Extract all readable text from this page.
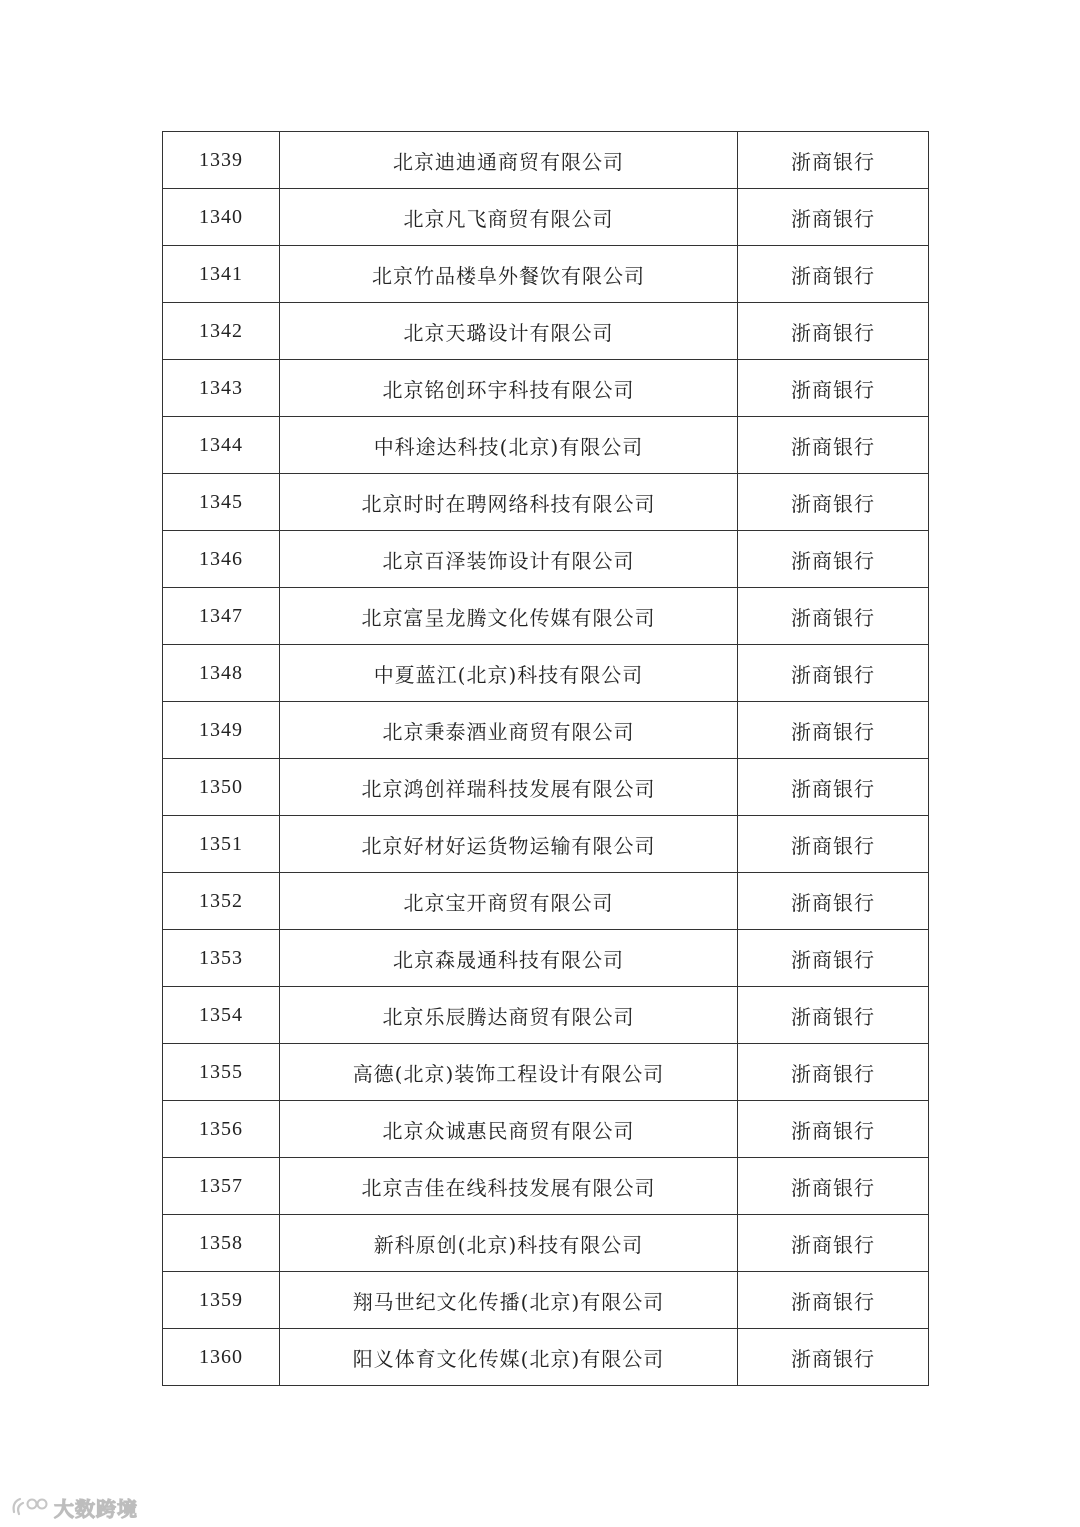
1339	北京迪迪通商贸有限公司	浙商银行
1340	北京凡飞商贸有限公司	浙商银行
1341	北京竹品楼阜外餐饮有限公司	浙商银行
1342	北京天璐设计有限公司	浙商银行
1343	北京铭创环宇科技有限公司	浙商银行
1344	中科途达科技(北京)有限公司	浙商银行
1345	北京时时在聘网络科技有限公司	浙商银行
1346	北京百泽装饰设计有限公司	浙商银行
1347	北京富呈龙腾文化传媒有限公司	浙商银行
1348	中夏蓝江(北京)科技有限公司	浙商银行
1349	北京秉泰酒业商贸有限公司	浙商银行
1350	北京鸿创祥瑞科技发展有限公司	浙商银行
1351	北京好材好运货物运输有限公司	浙商银行
1352	北京宝开商贸有限公司	浙商银行
1353	北京森晟通科技有限公司	浙商银行
1354	北京乐辰腾达商贸有限公司	浙商银行
1355	高德(北京)装饰工程设计有限公司	浙商银行
1356	北京众诚惠民商贸有限公司	浙商银行
1357	北京吉佳在线科技发展有限公司	浙商银行
1358	新科原创(北京)科技有限公司	浙商银行
1359	翔马世纪文化传播(北京)有限公司	浙商银行
1360	阳义体育文化传媒(北京)有限公司	浙商银行
大数跨境
